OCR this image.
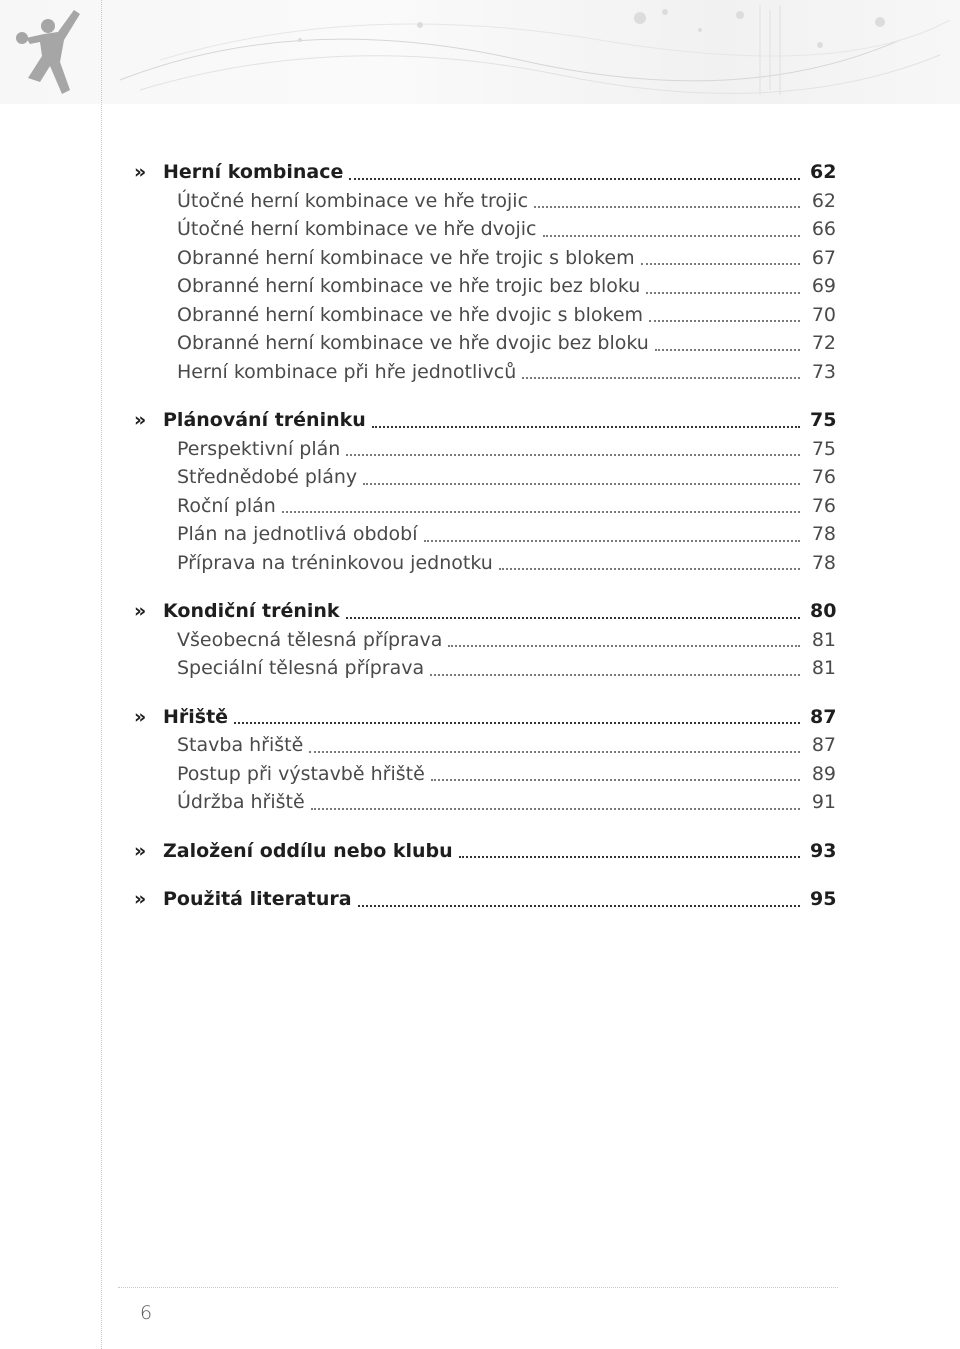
» Herní kombinace	62
Útočné herní kombinace ve hře trojic	62
Útočné herní kombinace ve hře dvojic	66
Obranné herní kombinace ve hře trojic s blokem	67
Obranné herní kombinace ve hře trojic bez bloku	69
Obranné herní kombinace ve hře dvojic s blokem	70
Obranné herní kombinace ve hře dvojic bez bloku	72
Herní kombinace při hře jednotlivců	73
» Plánování tréninku	75
Perspektivní plán	75
Střednědobé plány	76
Roční plán	76
Plán na jednotlivá období	78
Příprava na tréninkovou jednotku	78
» Kondiční trénink	80
Všeobecná tělesná příprava	81
Speciální tělesná příprava	81
» Hřiště	87
Stavba hřiště	87
Postup při výstavbě hřiště	89
Údržba hřiště	91
» Založení oddílu nebo klubu	93
» Použitá literatura	95
6
